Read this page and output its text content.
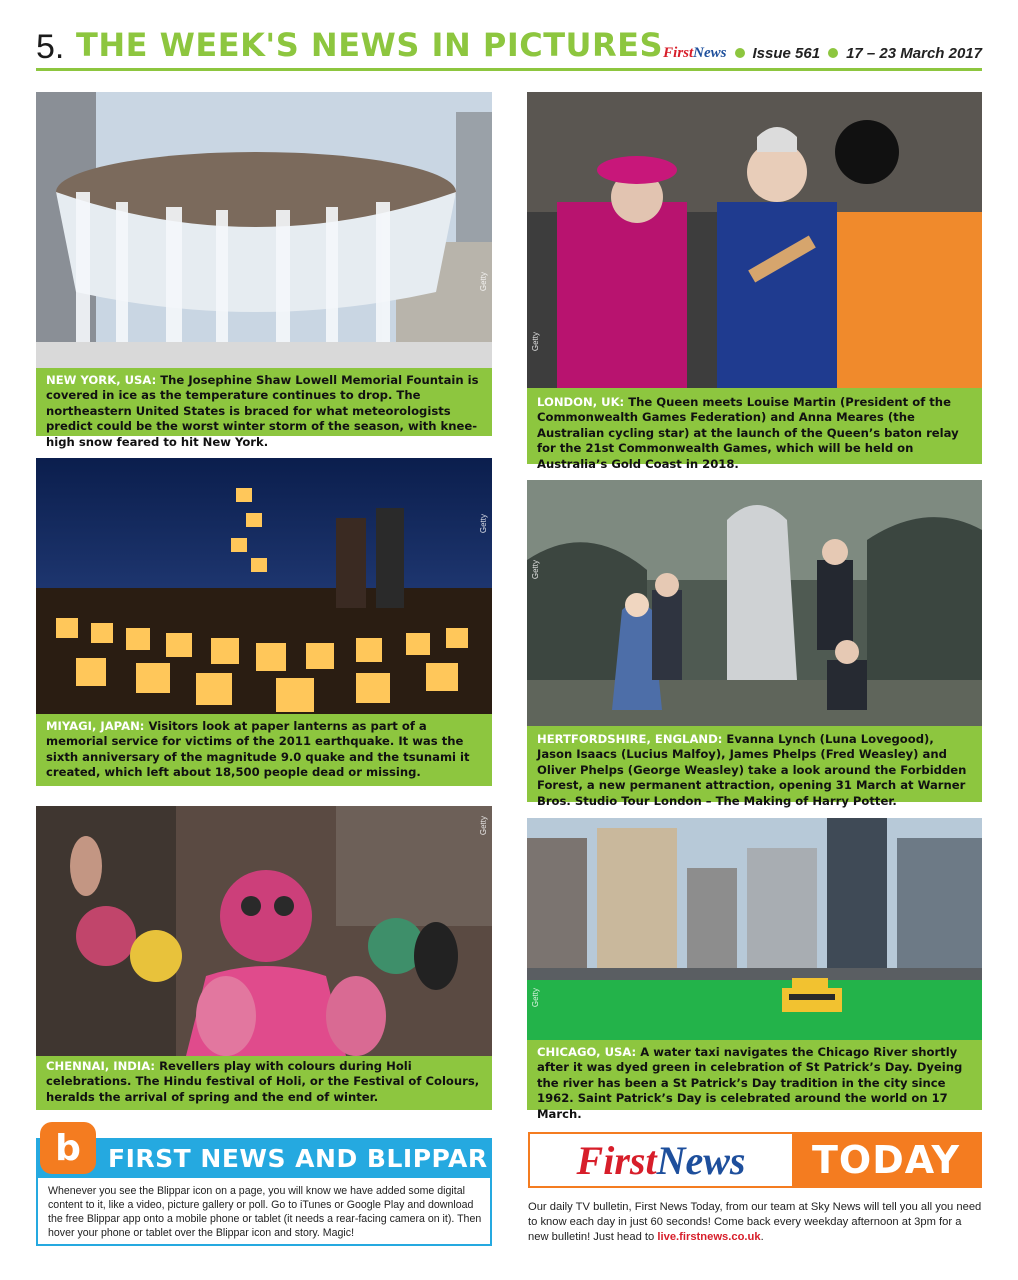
5. THE WEEK'S NEWS IN PICTURES FirstNews Issue 561 17 – 23 March 2017
Getty
NEW YORK, USA: The Josephine Shaw Lowell Memorial Fountain is covered in ice as the temperature continues to drop. The northeastern United States is braced for what meteorologists predict could be the worst winter storm of the season, with knee-high snow feared to hit New York.
Getty
LONDON, UK: The Queen meets Louise Martin (President of the Commonwealth Games Federation) and Anna Meares (the Australian cycling star) at the launch of the Queen’s baton relay for the 21st Commonwealth Games, which will be held on Australia’s Gold Coast in 2018.
Getty
MIYAGI, JAPAN: Visitors look at paper lanterns as part of a memorial service for victims of the 2011 earthquake. It was the sixth anniversary of the magnitude 9.0 quake and the tsunami it created, which left about 18,500 people dead or missing.
Getty
HERTFORDSHIRE, ENGLAND: Evanna Lynch (Luna Lovegood), Jason Isaacs (Lucius Malfoy), James Phelps (Fred Weasley) and Oliver Phelps (George Weasley) take a look around the Forbidden Forest, a new permanent attraction, opening 31 March at Warner Bros. Studio Tour London – The Making of Harry Potter.
Getty
CHENNAI, INDIA: Revellers play with colours during Holi celebrations. The Hindu festival of Holi, or the Festival of Colours, heralds the arrival of spring and the end of winter.
Getty
CHICAGO, USA: A water taxi navigates the Chicago River shortly after it was dyed green in celebration of St Patrick’s Day. Dyeing the river has been a St Patrick’s Day tradition in the city since 1962. Saint Patrick’s Day is celebrated around the world on 17 March.
b	FIRST NEWS AND BLIPPAR
Whenever you see the Blippar icon on a page, you will know we have added some digital content to it, like a video, picture gallery or poll. Go to iTunes or Google Play and download the free Blippar app onto a mobile phone or tablet (it needs a rear-facing camera on it). Then hover your phone or tablet over the Blippar icon and story. Magic!
First News	TODAY
Our daily TV bulletin, First News Today, from our team at Sky News will tell you all you need to know each day in just 60 seconds! Come back every weekday afternoon at 3pm for a new bulletin! Just head to live.firstnews.co.uk.
